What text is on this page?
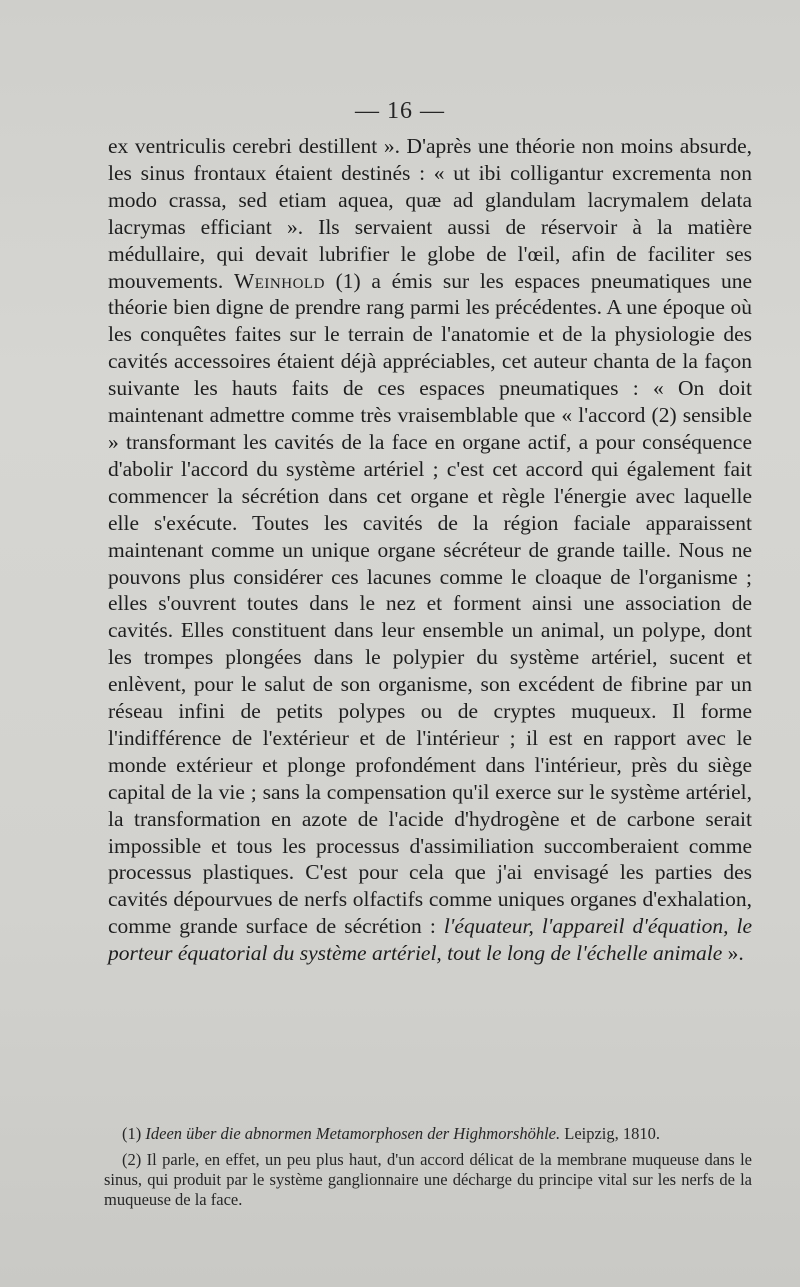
— 16 —

ex ventriculis cerebri destillent ». D'après une théorie non moins absurde, les sinus frontaux étaient destinés : « ut ibi colligantur excrementa non modo crassa, sed etiam aquea, quæ ad glandulam lacrymalem delata lacrymas efficiant ». Ils servaient aussi de réservoir à la matière médullaire, qui devait lubrifier le globe de l'œil, afin de faciliter ses mouvements. Weinhold (1) a émis sur les espaces pneumatiques une théorie bien digne de prendre rang parmi les précédentes. A une époque où les conquêtes faites sur le terrain de l'anatomie et de la physiologie des cavités accessoires étaient déjà appréciables, cet auteur chanta de la façon suivante les hauts faits de ces espaces pneumatiques : « On doit maintenant admettre comme très vraisemblable que « l'accord (2) sensible » transformant les cavités de la face en organe actif, a pour conséquence d'abolir l'accord du système artériel ; c'est cet accord qui également fait commencer la sécrétion dans cet organe et règle l'énergie avec laquelle elle s'exécute. Toutes les cavités de la région faciale apparaissent maintenant comme un unique organe sécréteur de grande taille. Nous ne pouvons plus considérer ces lacunes comme le cloaque de l'organisme ; elles s'ouvrent toutes dans le nez et forment ainsi une association de cavités. Elles constituent dans leur ensemble un animal, un polype, dont les trompes plongées dans le polypier du système artériel, sucent et enlèvent, pour le salut de son organisme, son excédent de fibrine par un réseau infini de petits polypes ou de cryptes muqueux. Il forme l'indifférence de l'extérieur et de l'intérieur ; il est en rapport avec le monde extérieur et plonge profondément dans l'intérieur, près du siège capital de la vie ; sans la compensation qu'il exerce sur le système artériel, la transformation en azote de l'acide d'hydrogène et de carbone serait impossible et tous les processus d'assimiliation succomberaient comme processus plastiques. C'est pour cela que j'ai envisagé les parties des cavités dépourvues de nerfs olfactifs comme uniques organes d'exhalation, comme grande surface de sécrétion : l'équateur, l'appareil d'équation, le porteur équatorial du système artériel, tout le long de l'échelle animale ».

(1) Ideen über die abnormen Metamorphosen der Highmorshöhle. Leipzig, 1810.

(2) Il parle, en effet, un peu plus haut, d'un accord délicat de la membrane muqueuse dans le sinus, qui produit par le système ganglionnaire une décharge du principe vital sur les nerfs de la muqueuse de la face.
